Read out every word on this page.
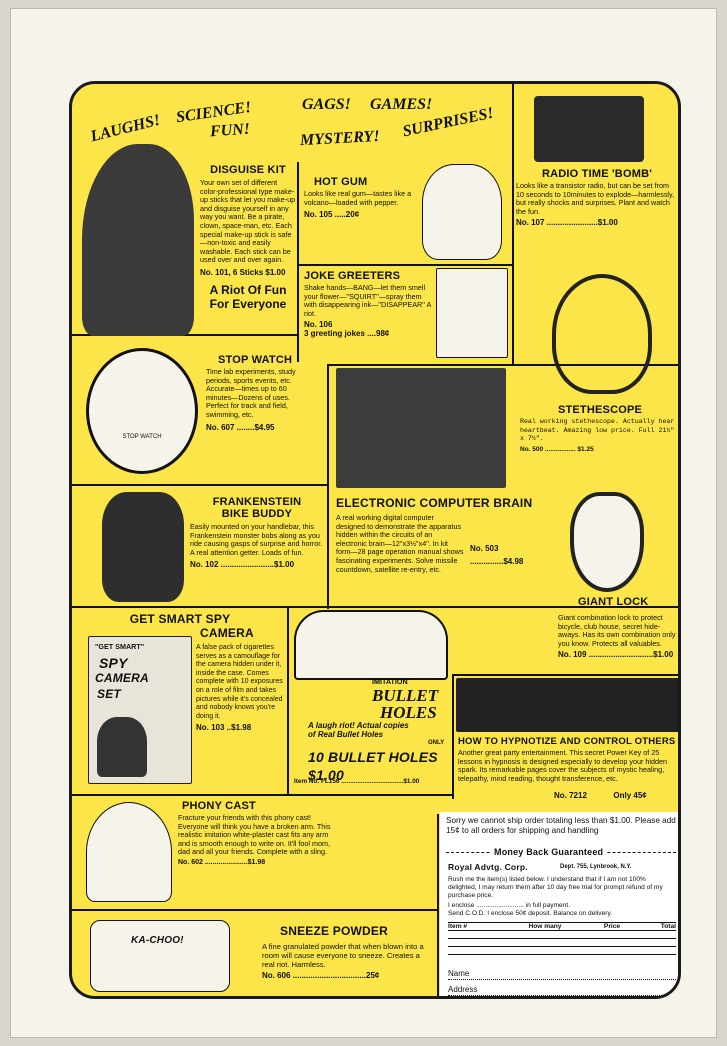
LAUGHS! SCIENCE!
FUN!
GAGS! GAMES!
MYSTERY! SURPRISES!
DISGUISE KIT
Your own set of different color-professional type make-up sticks that let you make-up and disguise yourself in any way you want. Be a pirate, clown, space-man, etc. Each special make-up stick is safe—non-toxic and easily washable. Each stick can be used over and over again.
No. 101, 6 Sticks $1.00
A Riot Of Fun
For Everyone
HOT GUM
Looks like real gum—tastes like a volcano—loaded with pepper.
No. 105 .....20¢
RADIO TIME 'BOMB'
Looks like a transistor radio, but can be set from 10 seconds to 10minutes to explode—harmlessly, but really shocks and surprises. Plant and watch the fun.
No. 107 .......................$1.00
JOKE GREETERS
Shake hands—BANG—let them smell your flower—''SQUIRT''—spray them with disappearing ink—''DISAPPEAR'' A riot.
No. 106
3 greeting jokes ....98¢
STOP WATCH
STOP WATCH
Time lab experiments, study periods, sports events, etc. Accurate—times up to 60 minutes—Dozens of uses. Perfect for track and field, swimming, etc.
No. 607 ........$4.95
STETHESCOPE
Real working stethescope. Actually hear heartbeat. Amazing low price. Full 21½" x 7½".
No. 500 ................. $1.25
FRANKENSTEIN
BIKE BUDDY
Easily mounted on your handlebar, this Frankenstein monster bobs along as you ride causing gasps of surprise and horror. A real attention getter. Loads of fun.
No. 102 ........................$1.00
ELECTRONIC COMPUTER BRAIN
A real working digital computer designed to demonstrate the apparatus hidden within the circuits of an electronic brain—12"x3½"x4". In kit form—28 page operation manual shows fascinating experiments. Solve missile countdown, satellite re-entry, etc.
No. 503
...............$4.98
GIANT LOCK
Giant combination lock to protect bicycle, club house, secret hide-aways. Has its own combination only you know. Protects all valuables.
No. 109 .............................$1.00
GET SMART SPY
CAMERA
"GET SMART"
SPY
CAMERA
SET
A false pack of cigarettes serves as a camouflage for the camera hidden under it, inside the case. Comes complete with 10 exposures on a role of film and takes pictures while it's concealed and nobody knows you're doing it.
No. 103 ..$1.98
IMITATION
BULLET
HOLES
A laugh riot! Actual copies
of Real Bullet Holes
ONLY
10 BULLET HOLES $1.00
Item No. FL156 ...................................$1.00
HOW TO HYPNOTIZE AND CONTROL OTHERS
Another great party entertainment. This secret Power Key of 25 lessons in hypnosis is designed especially to develop your hidden spark. Its remarkable pages cover the subjects of mystic healing, telepathy, mind reading, thought transference, etc.
No. 7212	Only 45¢
PHONY CAST
Fracture your friends with this phony cast! Everyone will think you have a broken arm. This realistic imitation white-plaster cast fits any arm and is smooth enough to write on. It'll fool mom, dad and all your friends. Complete with a sling.
No. 602 ......................$1.98
KA-CHOO!
SNEEZE POWDER
A fine granulated powder that when blown into a room will cause everyone to sneeze. Creates a real riot. Harmless.
No. 606 .................................25¢
Sorry we cannot ship order totaling less than $1.00. Please add 15¢ to all orders for shipping and handling
Money Back Guaranteed
Royal Advtg. Corp.	Dept. 755, Lynbrook, N.Y.
Rush me the item(s) listed below. I understand that if I am not 100% delighted, I may return them after 10 day free trial for prompt refund of my purchase price.
I enclose .......................... in full payment.
Send C.O.D. I enclose 50¢ deposit. Balance on delivery.
Item #	How many	Price	Total
Name
Address
